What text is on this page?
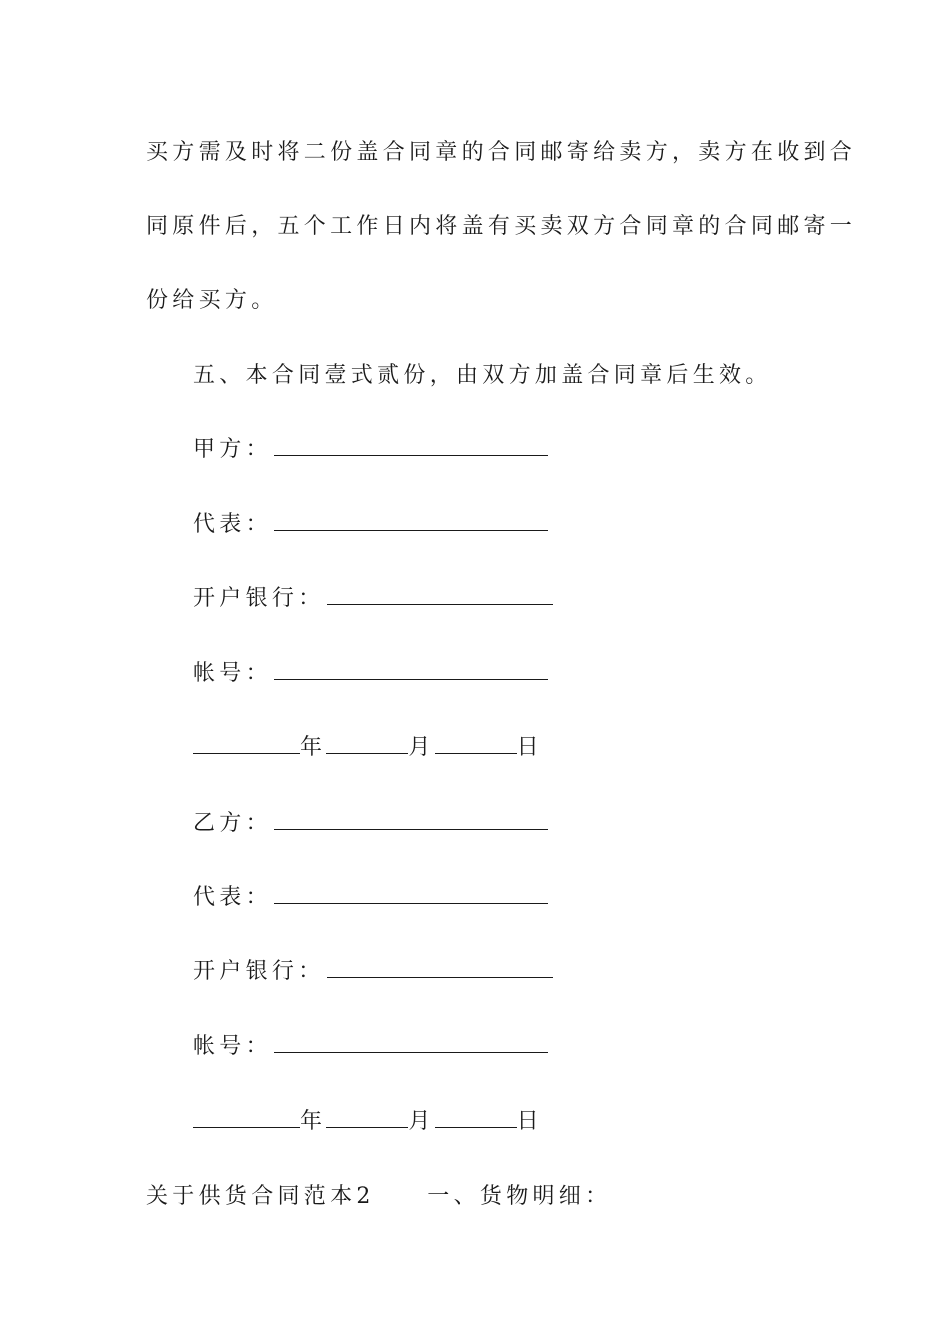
买方需及时将二份盖合同章的合同邮寄给卖方，卖方在收到合
同原件后，五个工作日内将盖有买卖双方合同章的合同邮寄一
份给买方。
五、本合同壹式贰份，由双方加盖合同章后生效。
甲方：
代表：
开户银行：
帐号：
年	月	日
乙方：
代表：
开户银行：
帐号：
年	月	日
关于供货合同范本2　　一、货物明细：
